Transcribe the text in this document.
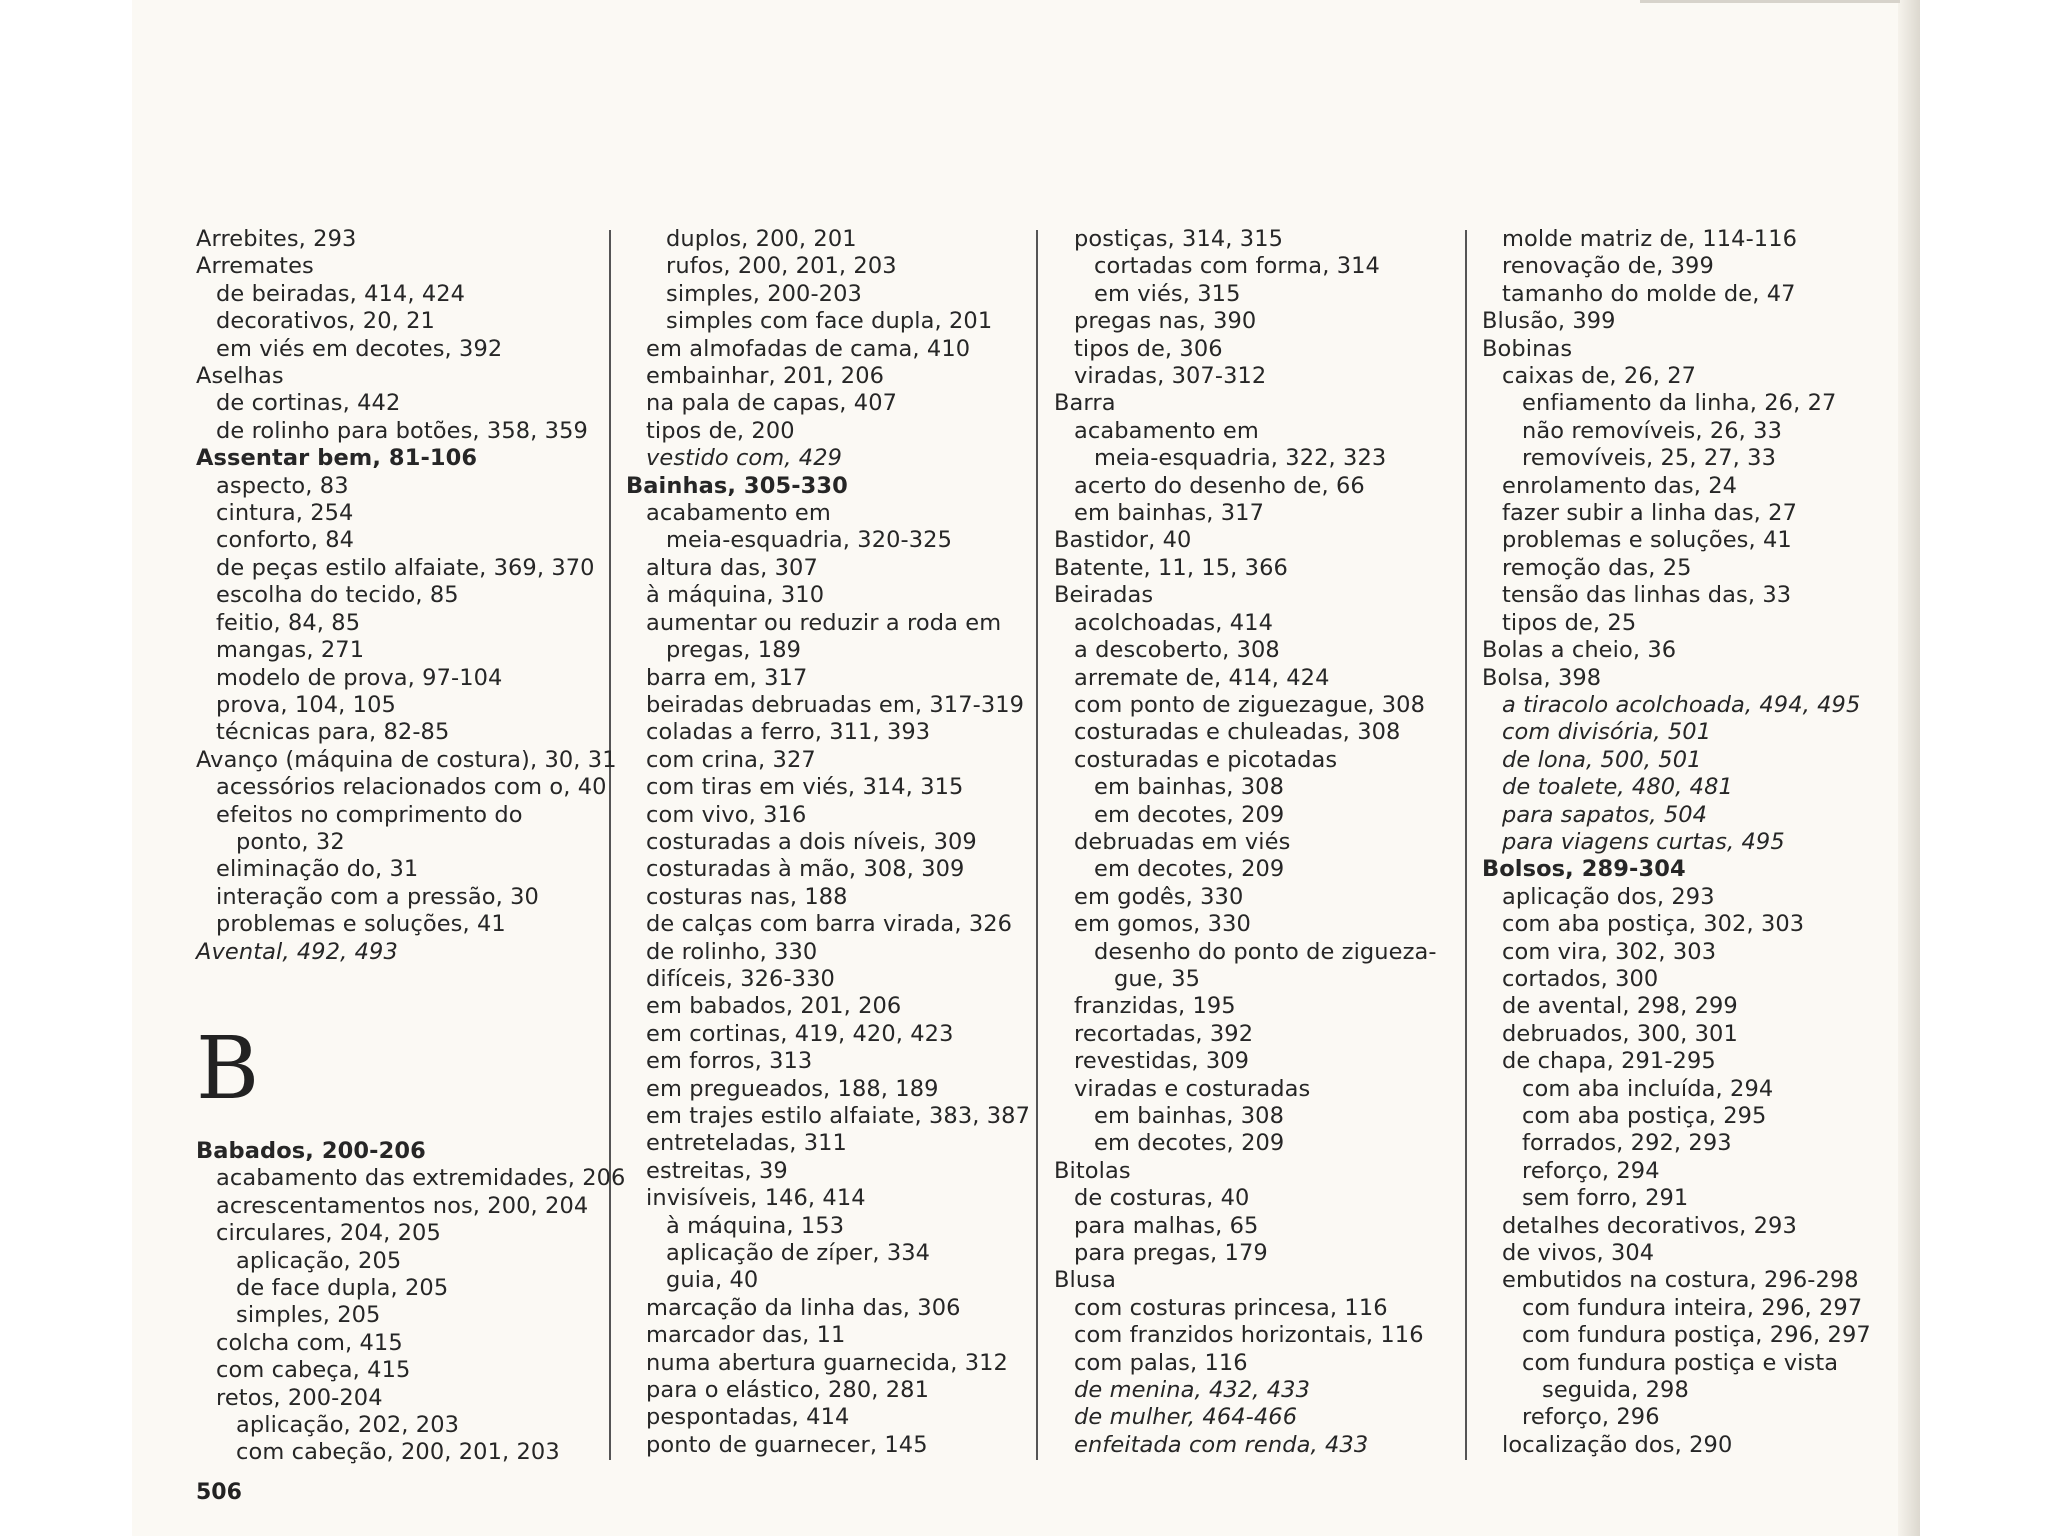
Arrebites, 293
Arremates
de beiradas, 414, 424
decorativos, 20, 21
em viés em decotes, 392
Aselhas
de cortinas, 442
de rolinho para botões, 358, 359
Assentar bem, 81-106
aspecto, 83
cintura, 254
conforto, 84
de peças estilo alfaiate, 369, 370
escolha do tecido, 85
feitio, 84, 85
mangas, 271
modelo de prova, 97-104
prova, 104, 105
técnicas para, 82-85
Avanço (máquina de costura), 30, 31
acessórios relacionados com o, 40
efeitos no comprimento do
ponto, 32
eliminação do, 31
interação com a pressão, 30
problemas e soluções, 41
Avental, 492, 493
B
Babados, 200-206
acabamento das extremidades, 206
acrescentamentos nos, 200, 204
circulares, 204, 205
aplicação, 205
de face dupla, 205
simples, 205
colcha com, 415
com cabeça, 415
retos, 200-204
aplicação, 202, 203
com cabeção, 200, 201, 203
duplos, 200, 201
rufos, 200, 201, 203
simples, 200-203
simples com face dupla, 201
em almofadas de cama, 410
embainhar, 201, 206
na pala de capas, 407
tipos de, 200
vestido com, 429
Bainhas, 305-330
acabamento em
meia-esquadria, 320-325
altura das, 307
à máquina, 310
aumentar ou reduzir a roda em
pregas, 189
barra em, 317
beiradas debruadas em, 317-319
coladas a ferro, 311, 393
com crina, 327
com tiras em viés, 314, 315
com vivo, 316
costuradas a dois níveis, 309
costuradas à mão, 308, 309
costuras nas, 188
de calças com barra virada, 326
de rolinho, 330
difíceis, 326-330
em babados, 201, 206
em cortinas, 419, 420, 423
em forros, 313
em pregueados, 188, 189
em trajes estilo alfaiate, 383, 387
entreteladas, 311
estreitas, 39
invisíveis, 146, 414
à máquina, 153
aplicação de zíper, 334
guia, 40
marcação da linha das, 306
marcador das, 11
numa abertura guarnecida, 312
para o elástico, 280, 281
pespontadas, 414
ponto de guarnecer, 145
postiças, 314, 315
cortadas com forma, 314
em viés, 315
pregas nas, 390
tipos de, 306
viradas, 307-312
Barra
acabamento em
meia-esquadria, 322, 323
acerto do desenho de, 66
em bainhas, 317
Bastidor, 40
Batente, 11, 15, 366
Beiradas
acolchoadas, 414
a descoberto, 308
arremate de, 414, 424
com ponto de ziguezague, 308
costuradas e chuleadas, 308
costuradas e picotadas
em bainhas, 308
em decotes, 209
debruadas em viés
em decotes, 209
em godês, 330
em gomos, 330
desenho do ponto de zigueza-
gue, 35
franzidas, 195
recortadas, 392
revestidas, 309
viradas e costuradas
em bainhas, 308
em decotes, 209
Bitolas
de costuras, 40
para malhas, 65
para pregas, 179
Blusa
com costuras princesa, 116
com franzidos horizontais, 116
com palas, 116
de menina, 432, 433
de mulher, 464-466
enfeitada com renda, 433
molde matriz de, 114-116
renovação de, 399
tamanho do molde de, 47
Blusão, 399
Bobinas
caixas de, 26, 27
enfiamento da linha, 26, 27
não removíveis, 26, 33
removíveis, 25, 27, 33
enrolamento das, 24
fazer subir a linha das, 27
problemas e soluções, 41
remoção das, 25
tensão das linhas das, 33
tipos de, 25
Bolas a cheio, 36
Bolsa, 398
a tiracolo acolchoada, 494, 495
com divisória, 501
de lona, 500, 501
de toalete, 480, 481
para sapatos, 504
para viagens curtas, 495
Bolsos, 289-304
aplicação dos, 293
com aba postiça, 302, 303
com vira, 302, 303
cortados, 300
de avental, 298, 299
debruados, 300, 301
de chapa, 291-295
com aba incluída, 294
com aba postiça, 295
forrados, 292, 293
reforço, 294
sem forro, 291
detalhes decorativos, 293
de vivos, 304
embutidos na costura, 296-298
com fundura inteira, 296, 297
com fundura postiça, 296, 297
com fundura postiça e vista
seguida, 298
reforço, 296
localização dos, 290
506
